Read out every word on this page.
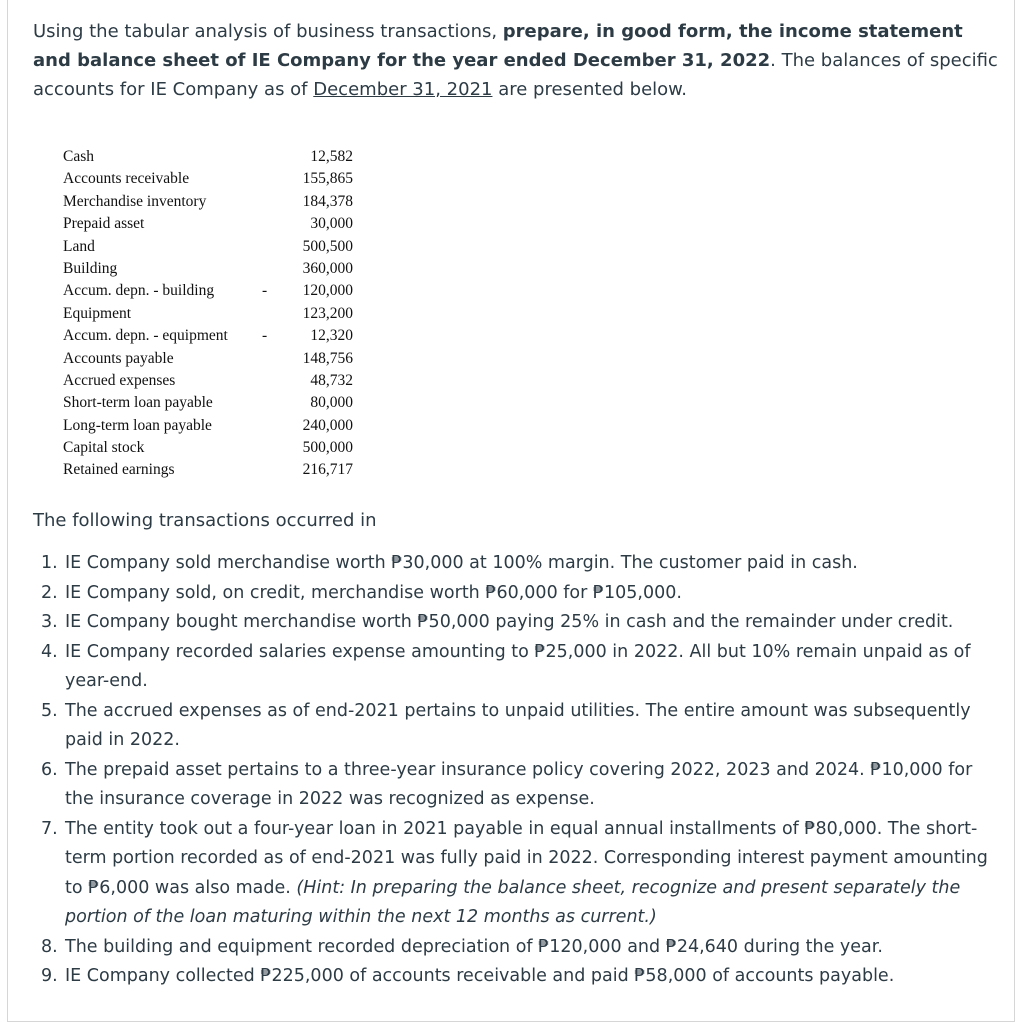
Using the tabular analysis of business transactions, prepare, in good form, the income statement and balance sheet of IE Company for the year ended December 31, 2022. The balances of specific accounts for IE Company as of December 31, 2021 are presented below.

Cash	12,582
Accounts receivable	155,865
Merchandise inventory	184,378
Prepaid asset	30,000
Land	500,500
Building	360,000
Accum. depn. - building	-	120,000
Equipment	123,200
Accum. depn. - equipment -	12,320
Accounts payable	148,756
Accrued expenses	48,732
Short-term loan payable	80,000
Long-term loan payable	240,000
Capital stock	500,000
Retained earnings	216,717

The following transactions occurred in

1. IE Company sold merchandise worth ₱30,000 at 100% margin. The customer paid in cash.
2. IE Company sold, on credit, merchandise worth ₱60,000 for ₱105,000.
3. IE Company bought merchandise worth ₱50,000 paying 25% in cash and the remainder under credit.
4. IE Company recorded salaries expense amounting to ₱25,000 in 2022. All but 10% remain unpaid as of year-end.
5. The accrued expenses as of end-2021 pertains to unpaid utilities. The entire amount was subsequently paid in 2022.
6. The prepaid asset pertains to a three-year insurance policy covering 2022, 2023 and 2024. ₱10,000 for the insurance coverage in 2022 was recognized as expense.
7. The entity took out a four-year loan in 2021 payable in equal annual installments of ₱80,000. The short-term portion recorded as of end-2021 was fully paid in 2022. Corresponding interest payment amounting to ₱6,000 was also made. (Hint: In preparing the balance sheet, recognize and present separately the portion of the loan maturing within the next 12 months as current.)
8. The building and equipment recorded depreciation of ₱120,000 and ₱24,640 during the year.
9. IE Company collected ₱225,000 of accounts receivable and paid ₱58,000 of accounts payable.
